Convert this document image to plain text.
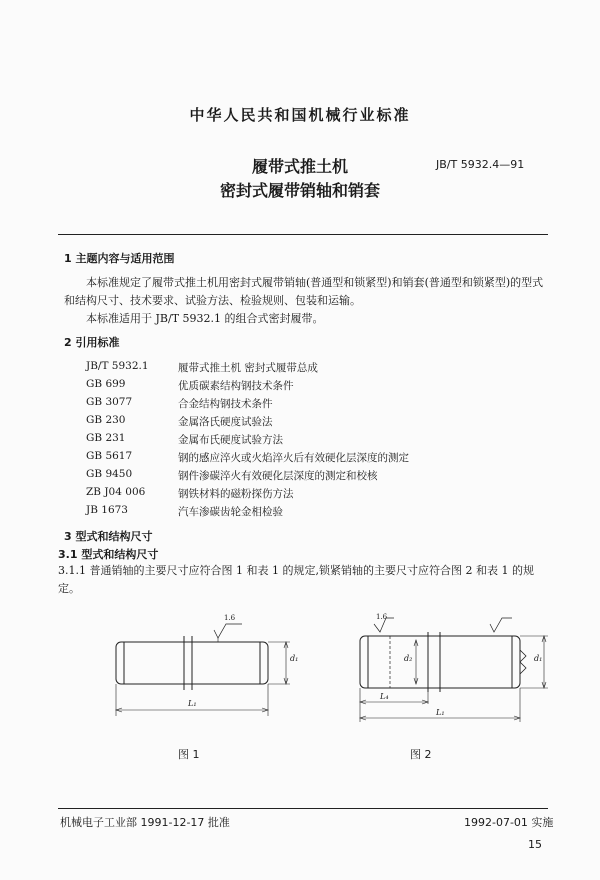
中华人民共和国机械行业标准
履带式推土机
密封式履带销轴和销套
JB/T 5932.4—91
1 主题内容与适用范围
本标准规定了履带式推土机用密封式履带销轴(普通型和锁紧型)和销套(普通型和锁紧型)的型式
和结构尺寸、技术要求、试验方法、检验规则、包装和运输。
本标准适用于 JB/T 5932.1 的组合式密封履带。
2 引用标准
JB/T 5932.1	履带式推土机 密封式履带总成
GB 699	优质碳素结构钢技术条件
GB 3077	合金结构钢技术条件
GB 230	金属洛氏硬度试验法
GB 231	金属布氏硬度试验方法
GB 5617	钢的感应淬火或火焰淬火后有效硬化层深度的测定
GB 9450	钢件渗碳淬火有效硬化层深度的测定和校核
ZB J04 006	钢铁材料的磁粉探伤方法
JB 1673	汽车渗碳齿轮金相检验
3 型式和结构尺寸
3.1 型式和结构尺寸
3.1.1 普通销轴的主要尺寸应符合图 1 和表 1 的规定,锁紧销轴的主要尺寸应符合图 2 和表 1 的规
定。
1.6
d₁
L₁
图 1
1.6
d₂	d₁
L₄
L₁
图 2
机械电子工业部 1991-12-17 批准	1992-07-01 实施
15
